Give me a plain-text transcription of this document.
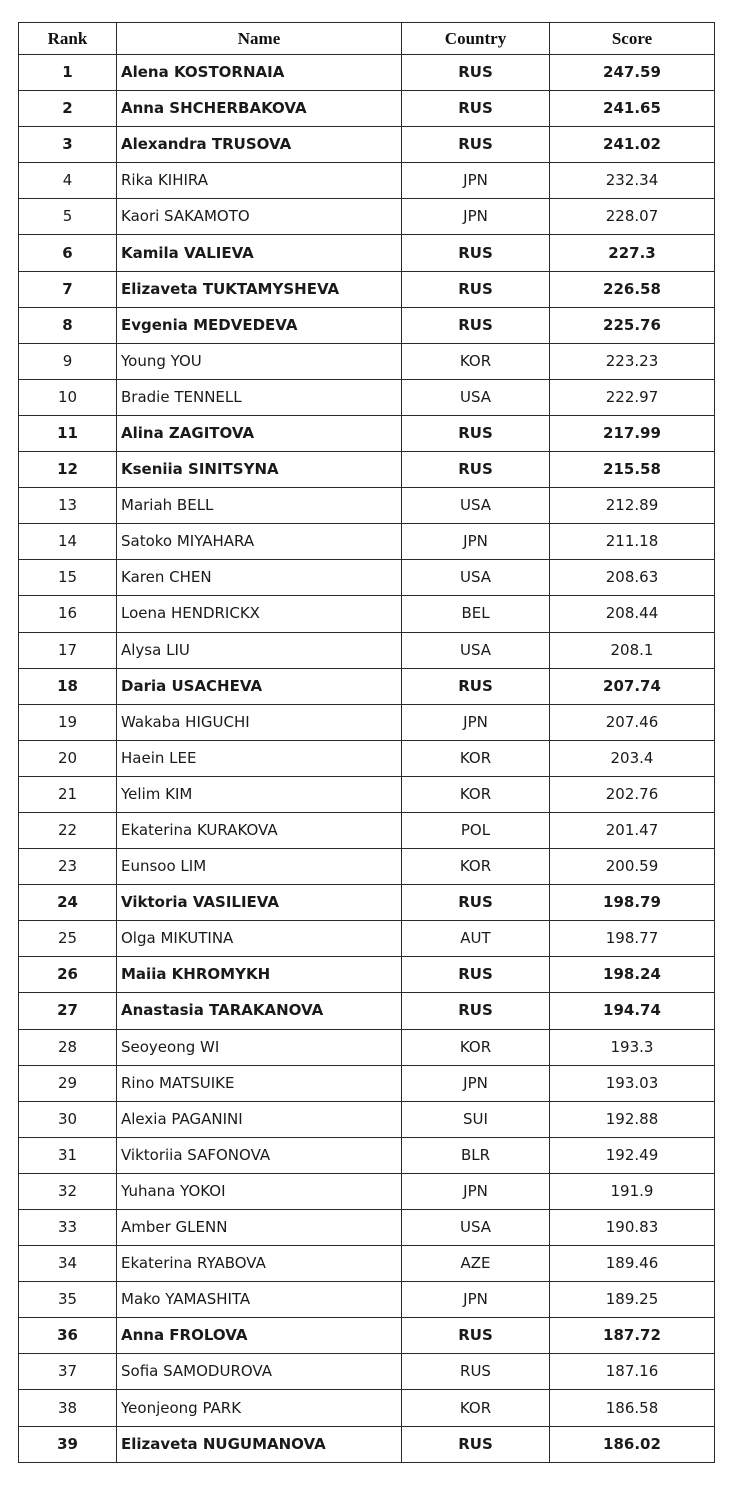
Rank	Name	Country	Score
1	Alena KOSTORNAIA	RUS	247.59
2	Anna SHCHERBAKOVA	RUS	241.65
3	Alexandra TRUSOVA	RUS	241.02
4	Rika KIHIRA	JPN	232.34
5	Kaori SAKAMOTO	JPN	228.07
6	Kamila VALIEVA	RUS	227.3
7	Elizaveta TUKTAMYSHEVA	RUS	226.58
8	Evgenia MEDVEDEVA	RUS	225.76
9	Young YOU	KOR	223.23
10	Bradie TENNELL	USA	222.97
11	Alina ZAGITOVA	RUS	217.99
12	Kseniia SINITSYNA	RUS	215.58
13	Mariah BELL	USA	212.89
14	Satoko MIYAHARA	JPN	211.18
15	Karen CHEN	USA	208.63
16	Loena HENDRICKX	BEL	208.44
17	Alysa LIU	USA	208.1
18	Daria USACHEVA	RUS	207.74
19	Wakaba HIGUCHI	JPN	207.46
20	Haein LEE	KOR	203.4
21	Yelim KIM	KOR	202.76
22	Ekaterina KURAKOVA	POL	201.47
23	Eunsoo LIM	KOR	200.59
24	Viktoria VASILIEVA	RUS	198.79
25	Olga MIKUTINA	AUT	198.77
26	Maiia KHROMYKH	RUS	198.24
27	Anastasia TARAKANOVA	RUS	194.74
28	Seoyeong WI	KOR	193.3
29	Rino MATSUIKE	JPN	193.03
30	Alexia PAGANINI	SUI	192.88
31	Viktoriia SAFONOVA	BLR	192.49
32	Yuhana YOKOI	JPN	191.9
33	Amber GLENN	USA	190.83
34	Ekaterina RYABOVA	AZE	189.46
35	Mako YAMASHITA	JPN	189.25
36	Anna FROLOVA	RUS	187.72
37	Sofia SAMODUROVA	RUS	187.16
38	Yeonjeong PARK	KOR	186.58
39	Elizaveta NUGUMANOVA	RUS	186.02
